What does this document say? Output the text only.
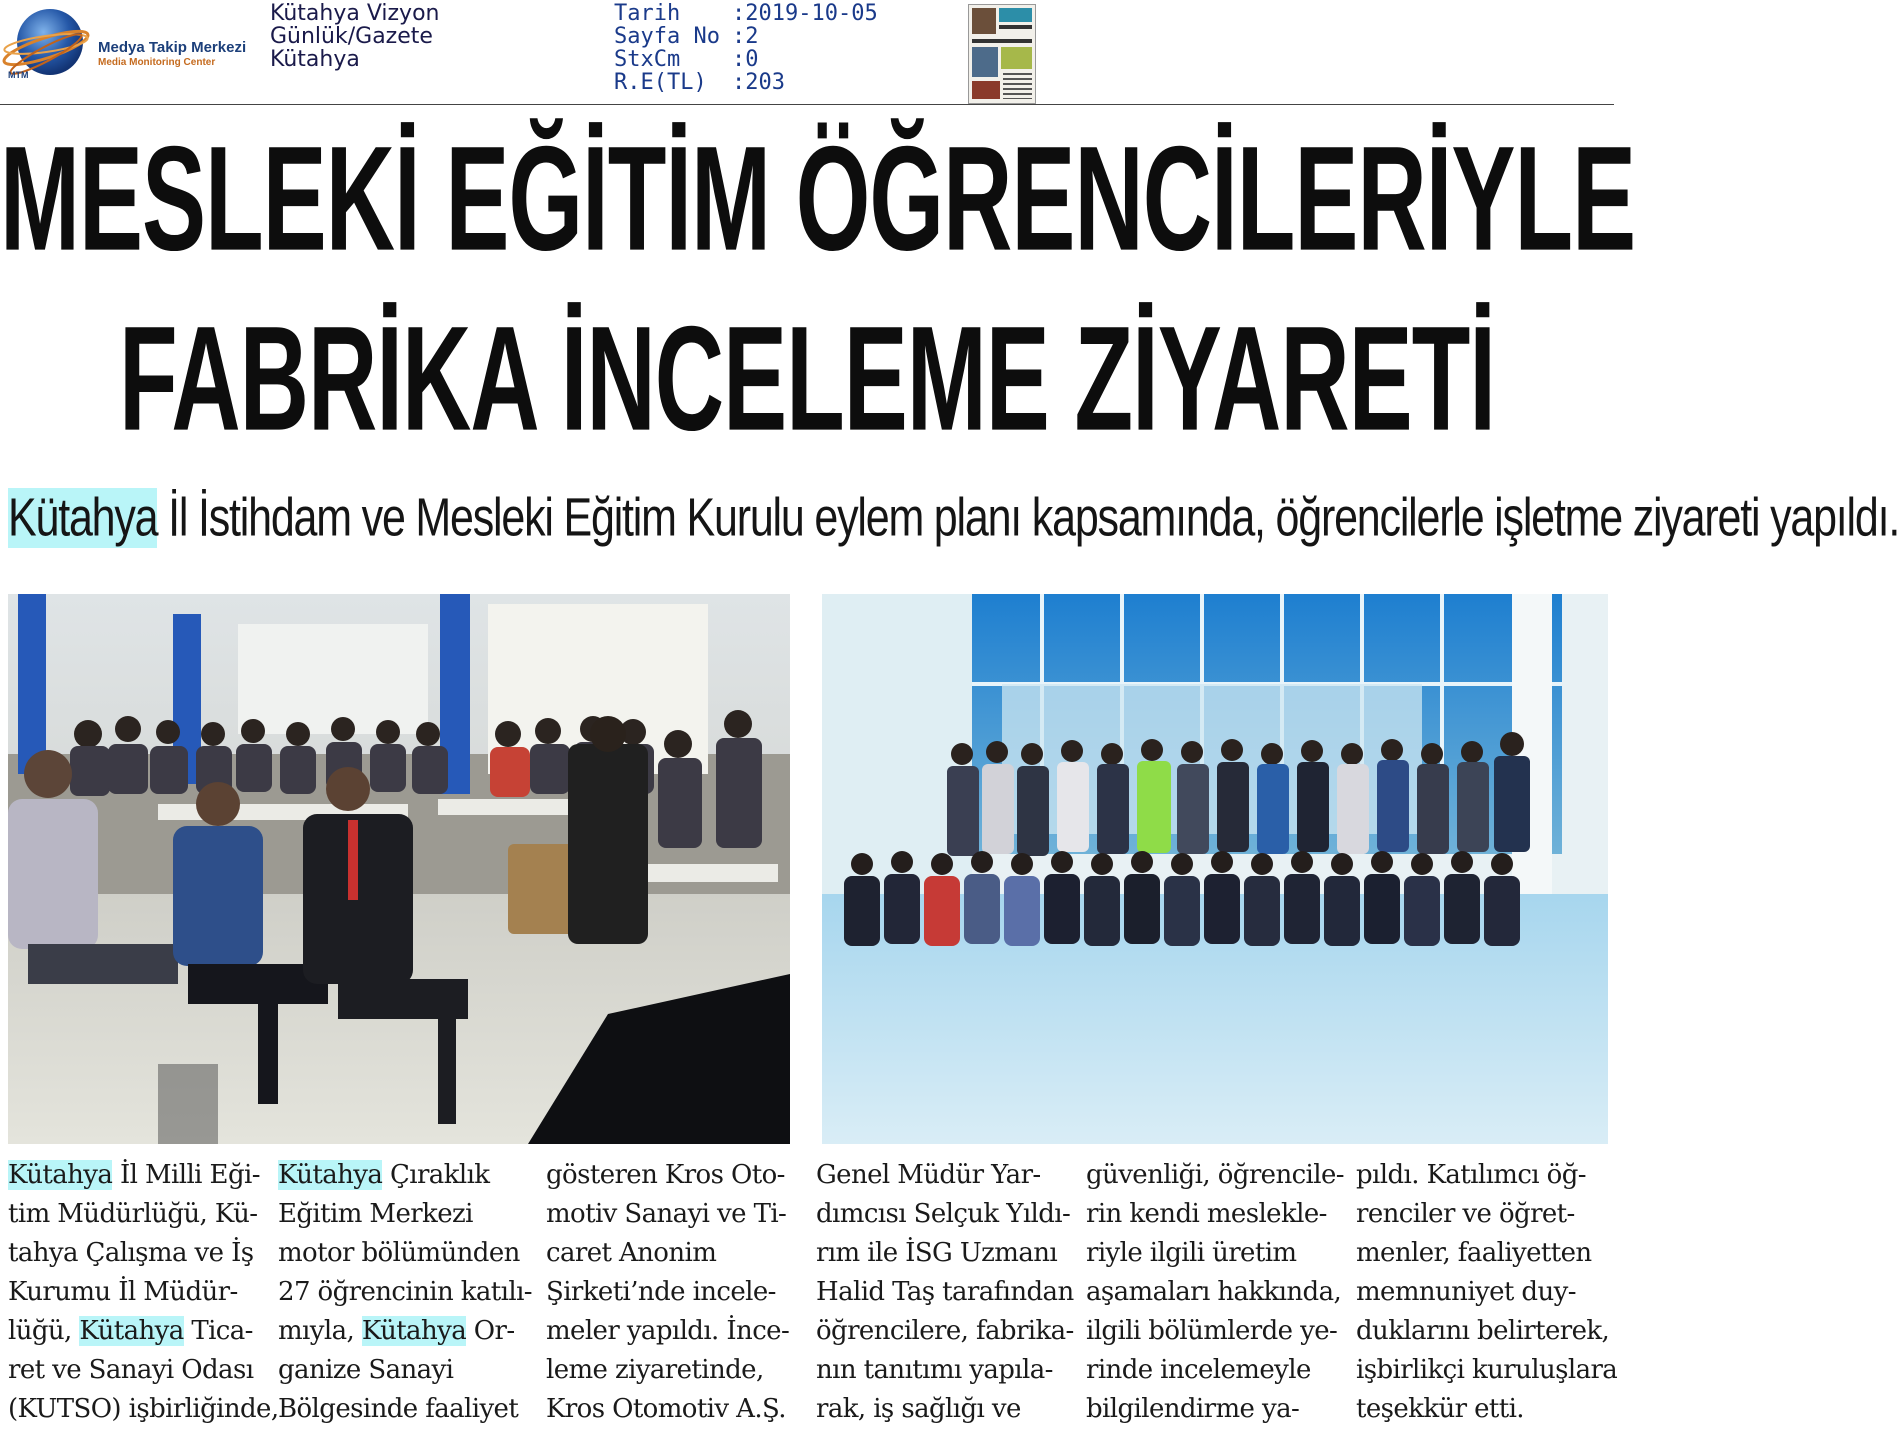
Medya Takip Merkezi
Media Monitoring Center
MTM
Kütahya Vizyon
Günlük/Gazete
Kütahya
Tarih :2019-10-05
Sayfa No :2
StxCm :0
R.E(TL) :203
MESLEKİ EĞİTİM ÖĞRENCİLERİYLE
FABRİKA İNCELEME ZİYARETİ
Kütahya İl İstihdam ve Mesleki Eğitim Kurulu eylem planı kapsamında, öğrencilerle işletme ziyareti yapıldı.
Kütahya İl Milli Eği-
tim Müdürlüğü, Kü-
tahya Çalışma ve İş
Kurumu İl Müdür-
lüğü, Kütahya Tica-
ret ve Sanayi Odası
(KUTSO) işbirliğinde,
Kütahya Çıraklık
Eğitim Merkezi
motor bölümünden
27 öğrencinin katılı-
mıyla, Kütahya Or-
ganize Sanayi
Bölgesinde faaliyet
gösteren Kros Oto-
motiv Sanayi ve Ti-
caret Anonim
Şirketi’nde incele-
meler yapıldı. İnce-
leme ziyaretinde,
Kros Otomotiv A.Ş.
Genel Müdür Yar-
dımcısı Selçuk Yıldı-
rım ile İSG Uzmanı
Halid Taş tarafından
öğrencilere, fabrika-
nın tanıtımı yapıla-
rak, iş sağlığı ve
güvenliği, öğrencile-
rin kendi meslekle-
riyle ilgili üretim
aşamaları hakkında,
ilgili bölümlerde ye-
rinde incelemeyle
bilgilendirme ya-
pıldı. Katılımcı öğ-
renciler ve öğret-
menler, faaliyetten
memnuniyet duy-
duklarını belirterek,
işbirlikçi kuruluşlara
teşekkür etti.
